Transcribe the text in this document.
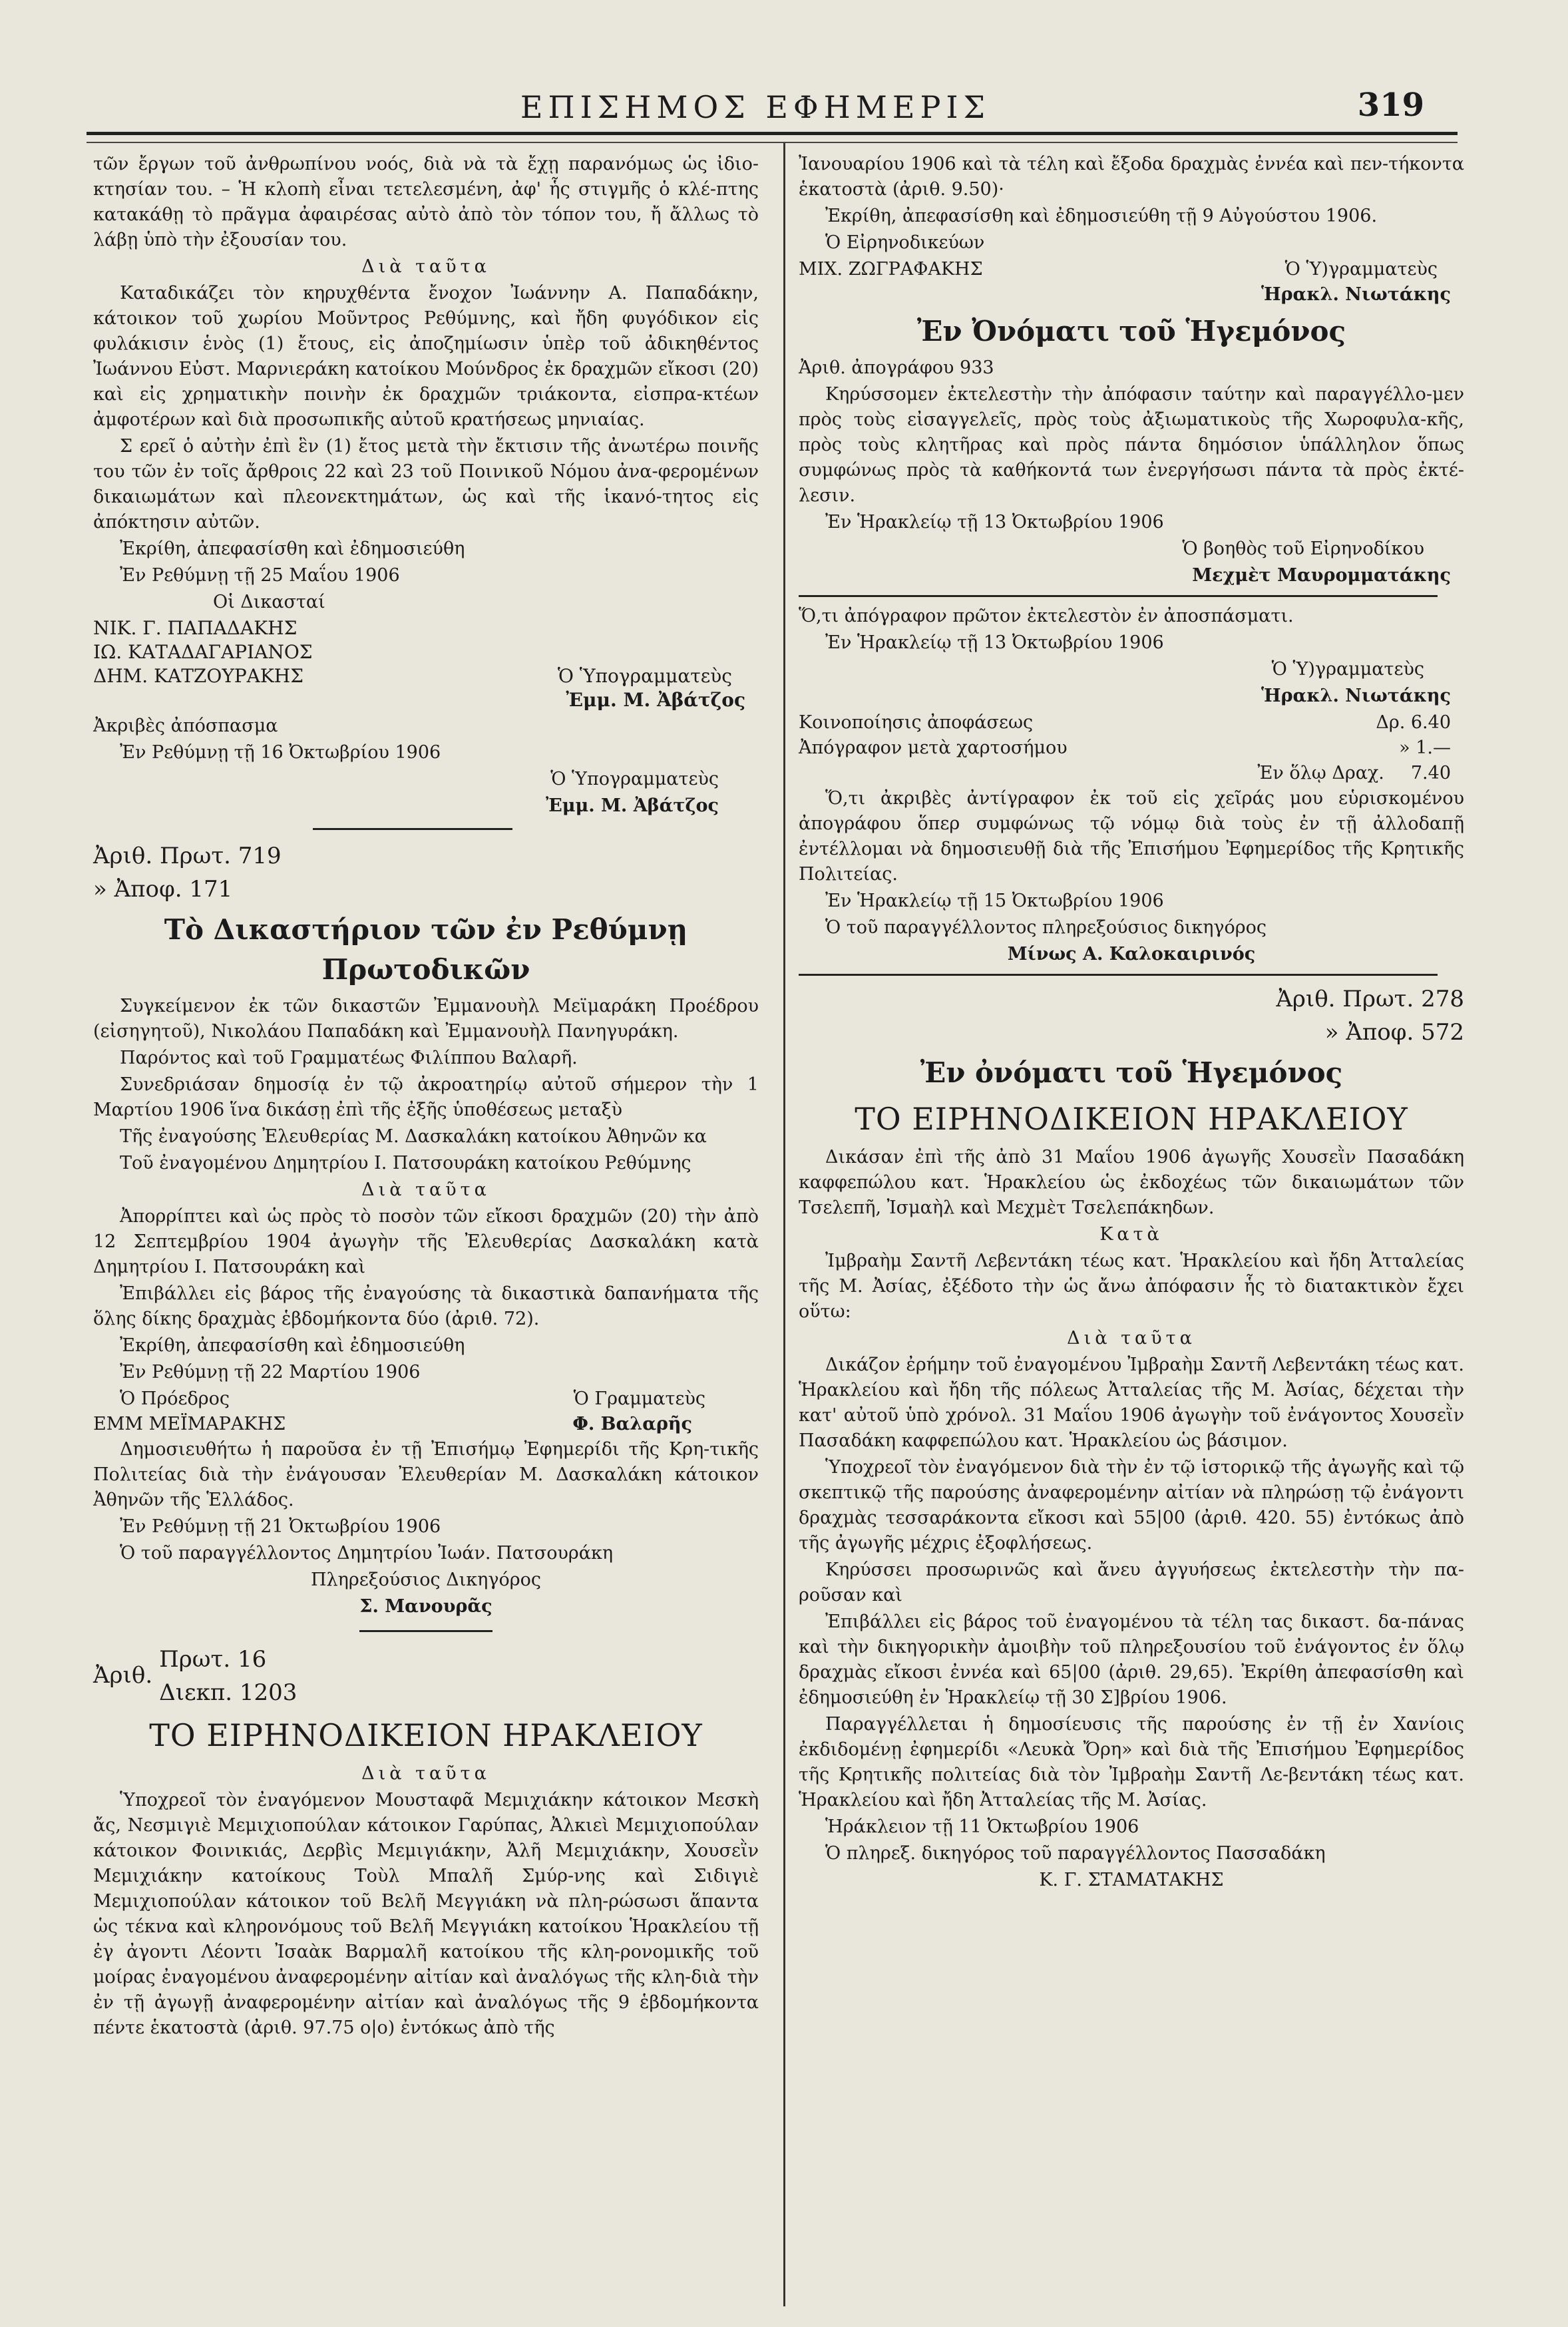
ΕΠΙΣΗΜΟΣ ΕΦΗΜΕΡΙΣ	319

τῶν ἔργων τοῦ ἀνθρωπίνου νοός, διὰ νὰ τὰ ἔχῃ παρανόμως ὡς ἰδιο-κτησίαν του. – Ἡ κλοπὴ εἶναι τετελεσμένη, ἀφ' ἧς στιγμῆς ὁ κλέ-πτης κατακάθῃ τὸ πρᾶγμα ἀφαιρέσας αὐτὸ ἀπὸ τὸν τόπον του, ἤ ἄλλως τὸ λάβῃ ὑπὸ τὴν ἐξουσίαν του.

Διὰ ταῦτα

Καταδικάζει τὸν κηρυχθέντα ἔνοχον Ἰωάννην Α. Παπαδάκην, κάτοικον τοῦ χωρίου Μοῦντρος Ρεθύμνης, καὶ ἤδη φυγόδικον εἰς φυλάκισιν ἑνὸς (1) ἔτους, εἰς ἀποζημίωσιν ὑπὲρ τοῦ ἀδικηθέντος Ἰωάννου Εὐστ. Μαρνιεράκη κατοίκου Μούνδρος ἐκ δραχμῶν εἴκοσι (20) καὶ εἰς χρηματικὴν ποινὴν ἐκ δραχμῶν τριάκοντα, εἰσπρα-κτέων ἀμφοτέρων καὶ διὰ προσωπικῆς αὐτοῦ κρατήσεως μηνιαίας.

Σ ερεῖ ὁ αὐτὴν ἐπὶ ἓν (1) ἔτος μετὰ τὴν ἔκτισιν τῆς ἀνωτέρω ποινῆς του τῶν ἐν τοῖς ἄρθροις 22 καὶ 23 τοῦ Ποινικοῦ Νόμου ἀνα-φερομένων δικαιωμάτων καὶ πλεονεκτημάτων, ὡς καὶ τῆς ἱκανό-τητος εἰς ἀπόκτησιν αὐτῶν.

Ἐκρίθη, ἀπεφασίσθη καὶ ἐδημοσιεύθη

Ἐν Ρεθύμνῃ τῇ 25 Μαΐου 1906

Οἱ Δικασταί

ΝΙΚ. Γ. ΠΑΠΑΔΑΚΗΣ
ΙΩ. ΚΑΤΑΔΑΓΑΡΙΑΝΟΣ
ΔΗΜ. ΚΑΤΖΟΥΡΑΚΗΣ	Ὁ Ὑπογραμματεὺς
Ἐμμ. Μ. Ἀβάτζος

Ἀκριβὲς ἀπόσπασμα

Ἐν Ρεθύμνῃ τῇ 16 Ὀκτωβρίου 1906

Ὁ Ὑπογραμματεὺς

Ἐμμ. Μ. Ἀβάτζος

Ἀριθ. Πρωτ. 719
» Ἀποφ. 171
Τὸ Δικαστήριον τῶν ἐν Ρεθύμνῃ Πρωτοδικῶν

Συγκείμενον ἐκ τῶν δικαστῶν Ἐμμανουὴλ Μεϊμαράκη Προέδρου (εἰσηγητοῦ), Νικολάου Παπαδάκη καὶ Ἐμμανουὴλ Πανηγυράκη.

Παρόντος καὶ τοῦ Γραμματέως Φιλίππου Βαλαρῆ.

Συνεδριάσαν δημοσίᾳ ἐν τῷ ἀκροατηρίῳ αὐτοῦ σήμερον τὴν 1 Μαρτίου 1906 ἵνα δικάσῃ ἐπὶ τῆς ἐξῆς ὑποθέσεως μεταξὺ

Τῆς ἐναγούσης Ἐλευθερίας Μ. Δασκαλάκη κατοίκου Ἀθηνῶν κα

Τοῦ ἐναγομένου Δημητρίου Ι. Πατσουράκη κατοίκου Ρεθύμνης

Διὰ ταῦτα

Ἀπορρίπτει καὶ ὡς πρὸς τὸ ποσὸν τῶν εἴκοσι δραχμῶν (20) τὴν ἀπὸ 12 Σεπτεμβρίου 1904 ἀγωγὴν τῆς Ἐλευθερίας Δασκαλάκη κατὰ Δημητρίου Ι. Πατσουράκη καὶ

Ἐπιβάλλει εἰς βάρος τῆς ἐναγούσης τὰ δικαστικὰ δαπανήματα τῆς ὅλης δίκης δραχμὰς ἑβδομήκοντα δύο (ἀριθ. 72).

Ἐκρίθη, ἀπεφασίσθη καὶ ἐδημοσιεύθη

Ἐν Ρεθύμνῃ τῇ 22 Μαρτίου 1906

Ὁ Πρόεδρος	Ὁ Γραμματεὺς
ΕΜΜ ΜΕΪΜΑΡΑΚΗΣ	Φ. Βαλαρῆς

Δημοσιευθήτω ἡ παροῦσα ἐν τῇ Ἐπισήμῳ Ἐφημερίδι τῆς Κρη-τικῆς Πολιτείας διὰ τὴν ἐνάγουσαν Ἐλευθερίαν Μ. Δασκαλάκη κάτοικον Ἀθηνῶν τῆς Ἑλλάδος.

Ἐν Ρεθύμνῃ τῇ 21 Ὀκτωβρίου 1906

Ὁ τοῦ παραγγέλλοντος Δημητρίου Ἰωάν. Πατσουράκη

Πληρεξούσιος Δικηγόρος

Σ. Μανουρᾶς

Ἀριθ.
Πρωτ. 16
Διεκπ. 1203
ΤΟ ΕΙΡΗΝΟΔΙΚΕΙΟΝ ΗΡΑΚΛΕΙΟΥ

Διὰ ταῦτα

Ὑποχρεοῖ τὸν ἐναγόμενον Μουσταφᾶ Μεμιχιάκην κάτοικον Μεσκὴ ἄς, Νεσμιγιὲ Μεμιχιοπούλαν κάτοικον Γαρύπας, Ἀλκιεὶ Μεμιχιοπούλαν κάτοικον Φοινικιάς, Δερβὶς Μεμιγιάκην, Ἀλῆ Μεμιχιάκην, Χουσεῒν Μεμιχιάκην κατοίκους Τοὺλ Μπαλῆ Σμύρ-νης καὶ Σιδιγιὲ Μεμιχιοπούλαν κάτοικον τοῦ Βελῆ Μεγγιάκη νὰ πλη-ρώσωσι ἅπαντα ὡς τέκνα καὶ κληρονόμους τοῦ Βελῆ Μεγγιάκη κατοίκου Ἡρακλείου τῇ ἐγ ἀγοντι Λέοντι Ἰσαὰκ Βαρμαλῆ κατοίκου τῆς κλη-ρονομικῆς τοῦ μοίρας ἐναγομένου ἀναφερομένην αἰτίαν καὶ ἀναλόγως τῆς κλη-διὰ τὴν ἐν τῇ ἀγωγῇ ἀναφερομένην αἰτίαν καὶ ἀναλόγως τῆς 9 ἑβδομήκοντα πέντε ἑκατοστὰ (ἀριθ. 97.75 ο|ο) ἐντόκως ἀπὸ τῆς

Ἰανουαρίου 1906 καὶ τὰ τέλη καὶ ἔξοδα δραχμὰς ἐννέα καὶ πεν-τήκοντα ἑκατοστὰ (ἀριθ. 9.50)·

Ἐκρίθη, ἀπεφασίσθη καὶ ἐδημοσιεύθη τῇ 9 Αὐγούστου 1906.

Ὁ Εἰρηνοδικεύων

ΜΙΧ. ΖΩΓΡΑΦΑΚΗΣ	Ὁ Ὑ)γραμματεὺς

Ἡρακλ. Νιωτάκης

Ἐν Ὀνόματι τοῦ Ἡγεμόνος

Ἀριθ. ἀπογράφου 933

Κηρύσσομεν ἐκτελεστὴν τὴν ἀπόφασιν ταύτην καὶ παραγγέλλο-μεν πρὸς τοὺς εἰσαγγελεῖς, πρὸς τοὺς ἀξιωματικοὺς τῆς Χωροφυλα-κῆς, πρὸς τοὺς κλητῆρας καὶ πρὸς πάντα δημόσιον ὑπάλληλον ὅπως συμφώνως πρὸς τὰ καθήκοντά των ἐνεργήσωσι πάντα τὰ πρὸς ἐκτέ-λεσιν.

Ἐν Ἡρακλείῳ τῇ 13 Ὀκτωβρίου 1906

Ὁ βοηθὸς τοῦ Εἰρηνοδίκου

Μεχμὲτ Μαυρομματάκης

Ὅ,τι ἀπόγραφον πρῶτον ἐκτελεστὸν ἐν ἀποσπάσματι.

Ἐν Ἡρακλείῳ τῇ 13 Ὀκτωβρίου 1906

Ὁ Ὑ)γραμματεὺς

Ἡρακλ. Νιωτάκης

Κοινοποίησις ἀποφάσεως	Δρ. 6.40
Ἀπόγραφον μετὰ χαρτοσήμου	» 1.—
Ἐν ὅλῳ Δραχ. 7.40

Ὅ,τι ἀκριβὲς ἀντίγραφον ἐκ τοῦ εἰς χεῖράς μου εὑρισκομένου ἀπογράφου ὅπερ συμφώνως τῷ νόμῳ διὰ τοὺς ἐν τῇ ἀλλοδαπῇ ἐντέλλομαι νὰ δημοσιευθῇ διὰ τῆς Ἐπισήμου Ἐφημερίδος τῆς Κρητικῆς Πολιτείας.

Ἐν Ἡρακλείῳ τῇ 15 Ὀκτωβρίου 1906

Ὁ τοῦ παραγγέλλοντος πληρεξούσιος δικηγόρος

Μίνως Α. Καλοκαιρινός

Ἀριθ. Πρωτ. 278
» Ἀποφ. 572
Ἐν ὀνόματι τοῦ Ἡγεμόνος
ΤΟ ΕΙΡΗΝΟΔΙΚΕΙΟΝ ΗΡΑΚΛΕΙΟΥ

Δικάσαν ἐπὶ τῆς ἀπὸ 31 Μαΐου 1906 ἀγωγῆς Χουσεῒν Πασαδάκη καφφεπώλου κατ. Ἡρακλείου ὡς ἐκδοχέως τῶν δικαιωμάτων τῶν Τσελεπῆ, Ἰσμαὴλ καὶ Μεχμὲτ Τσελεπάκηδων.

Κατὰ

Ἰμβραὴμ Σαντῆ Λεβεντάκη τέως κατ. Ἡρακλείου καὶ ἤδη Ἀτταλείας τῆς Μ. Ἀσίας, ἐξέδοτο τὴν ὡς ἄνω ἀπόφασιν ἧς τὸ διατακτικὸν ἔχει οὕτω:

Διὰ ταῦτα

Δικάζον ἐρήμην τοῦ ἐναγομένου Ἰμβραὴμ Σαντῆ Λεβεντάκη τέως κατ. Ἡρακλείου καὶ ἤδη τῆς πόλεως Ἀτταλείας τῆς Μ. Ἀσίας, δέχεται τὴν κατ' αὐτοῦ ὑπὸ χρόνολ. 31 Μαΐου 1906 ἀγωγὴν τοῦ ἐνάγοντος Χουσεῒν Πασαδάκη καφφεπώλου κατ. Ἡρακλείου ὡς βάσιμον.

Ὑποχρεοῖ τὸν ἐναγόμενον διὰ τὴν ἐν τῷ ἱστορικῷ τῆς ἀγωγῆς καὶ τῷ σκεπτικῷ τῆς παρούσης ἀναφερομένην αἰτίαν νὰ πληρώσῃ τῷ ἐνάγοντι δραχμὰς τεσσαράκοντα εἴκοσι καὶ 55|00 (ἀριθ. 420. 55) ἐντόκως ἀπὸ τῆς ἀγωγῆς μέχρις ἐξοφλήσεως.

Κηρύσσει προσωρινῶς καὶ ἄνευ ἀγγυήσεως ἐκτελεστὴν τὴν πα-ροῦσαν καὶ

Ἐπιβάλλει εἰς βάρος τοῦ ἐναγομένου τὰ τέλη τας δικαστ. δα-πάνας καὶ τὴν δικηγορικὴν ἀμοιβὴν τοῦ πληρεξουσίου τοῦ ἐνάγοντος ἐν ὅλῳ δραχμὰς εἴκοσι ἐννέα καὶ 65|00 (ἀριθ. 29,65). Ἐκρίθη ἀπεφασίσθη καὶ ἐδημοσιεύθη ἐν Ἡρακλείῳ τῇ 30 Σ]βρίου 1906.

Παραγγέλλεται ἡ δημοσίευσις τῆς παρούσης ἐν τῇ ἐν Χανίοις ἐκδιδομένῃ ἐφημερίδι «Λευκὰ Ὄρη» καὶ διὰ τῆς Ἐπισήμου Ἐφημερίδος τῆς Κρητικῆς πολιτείας διὰ τὸν Ἰμβραὴμ Σαντῆ Λε-βεντάκη τέως κατ. Ἡρακλείου καὶ ἤδη Ἀτταλείας τῆς Μ. Ἀσίας.

Ἡράκλειον τῇ 11 Ὀκτωβρίου 1906

Ὁ πληρεξ. δικηγόρος τοῦ παραγγέλλοντος Πασσαδάκη

Κ. Γ. ΣΤΑΜΑΤΑΚΗΣ
